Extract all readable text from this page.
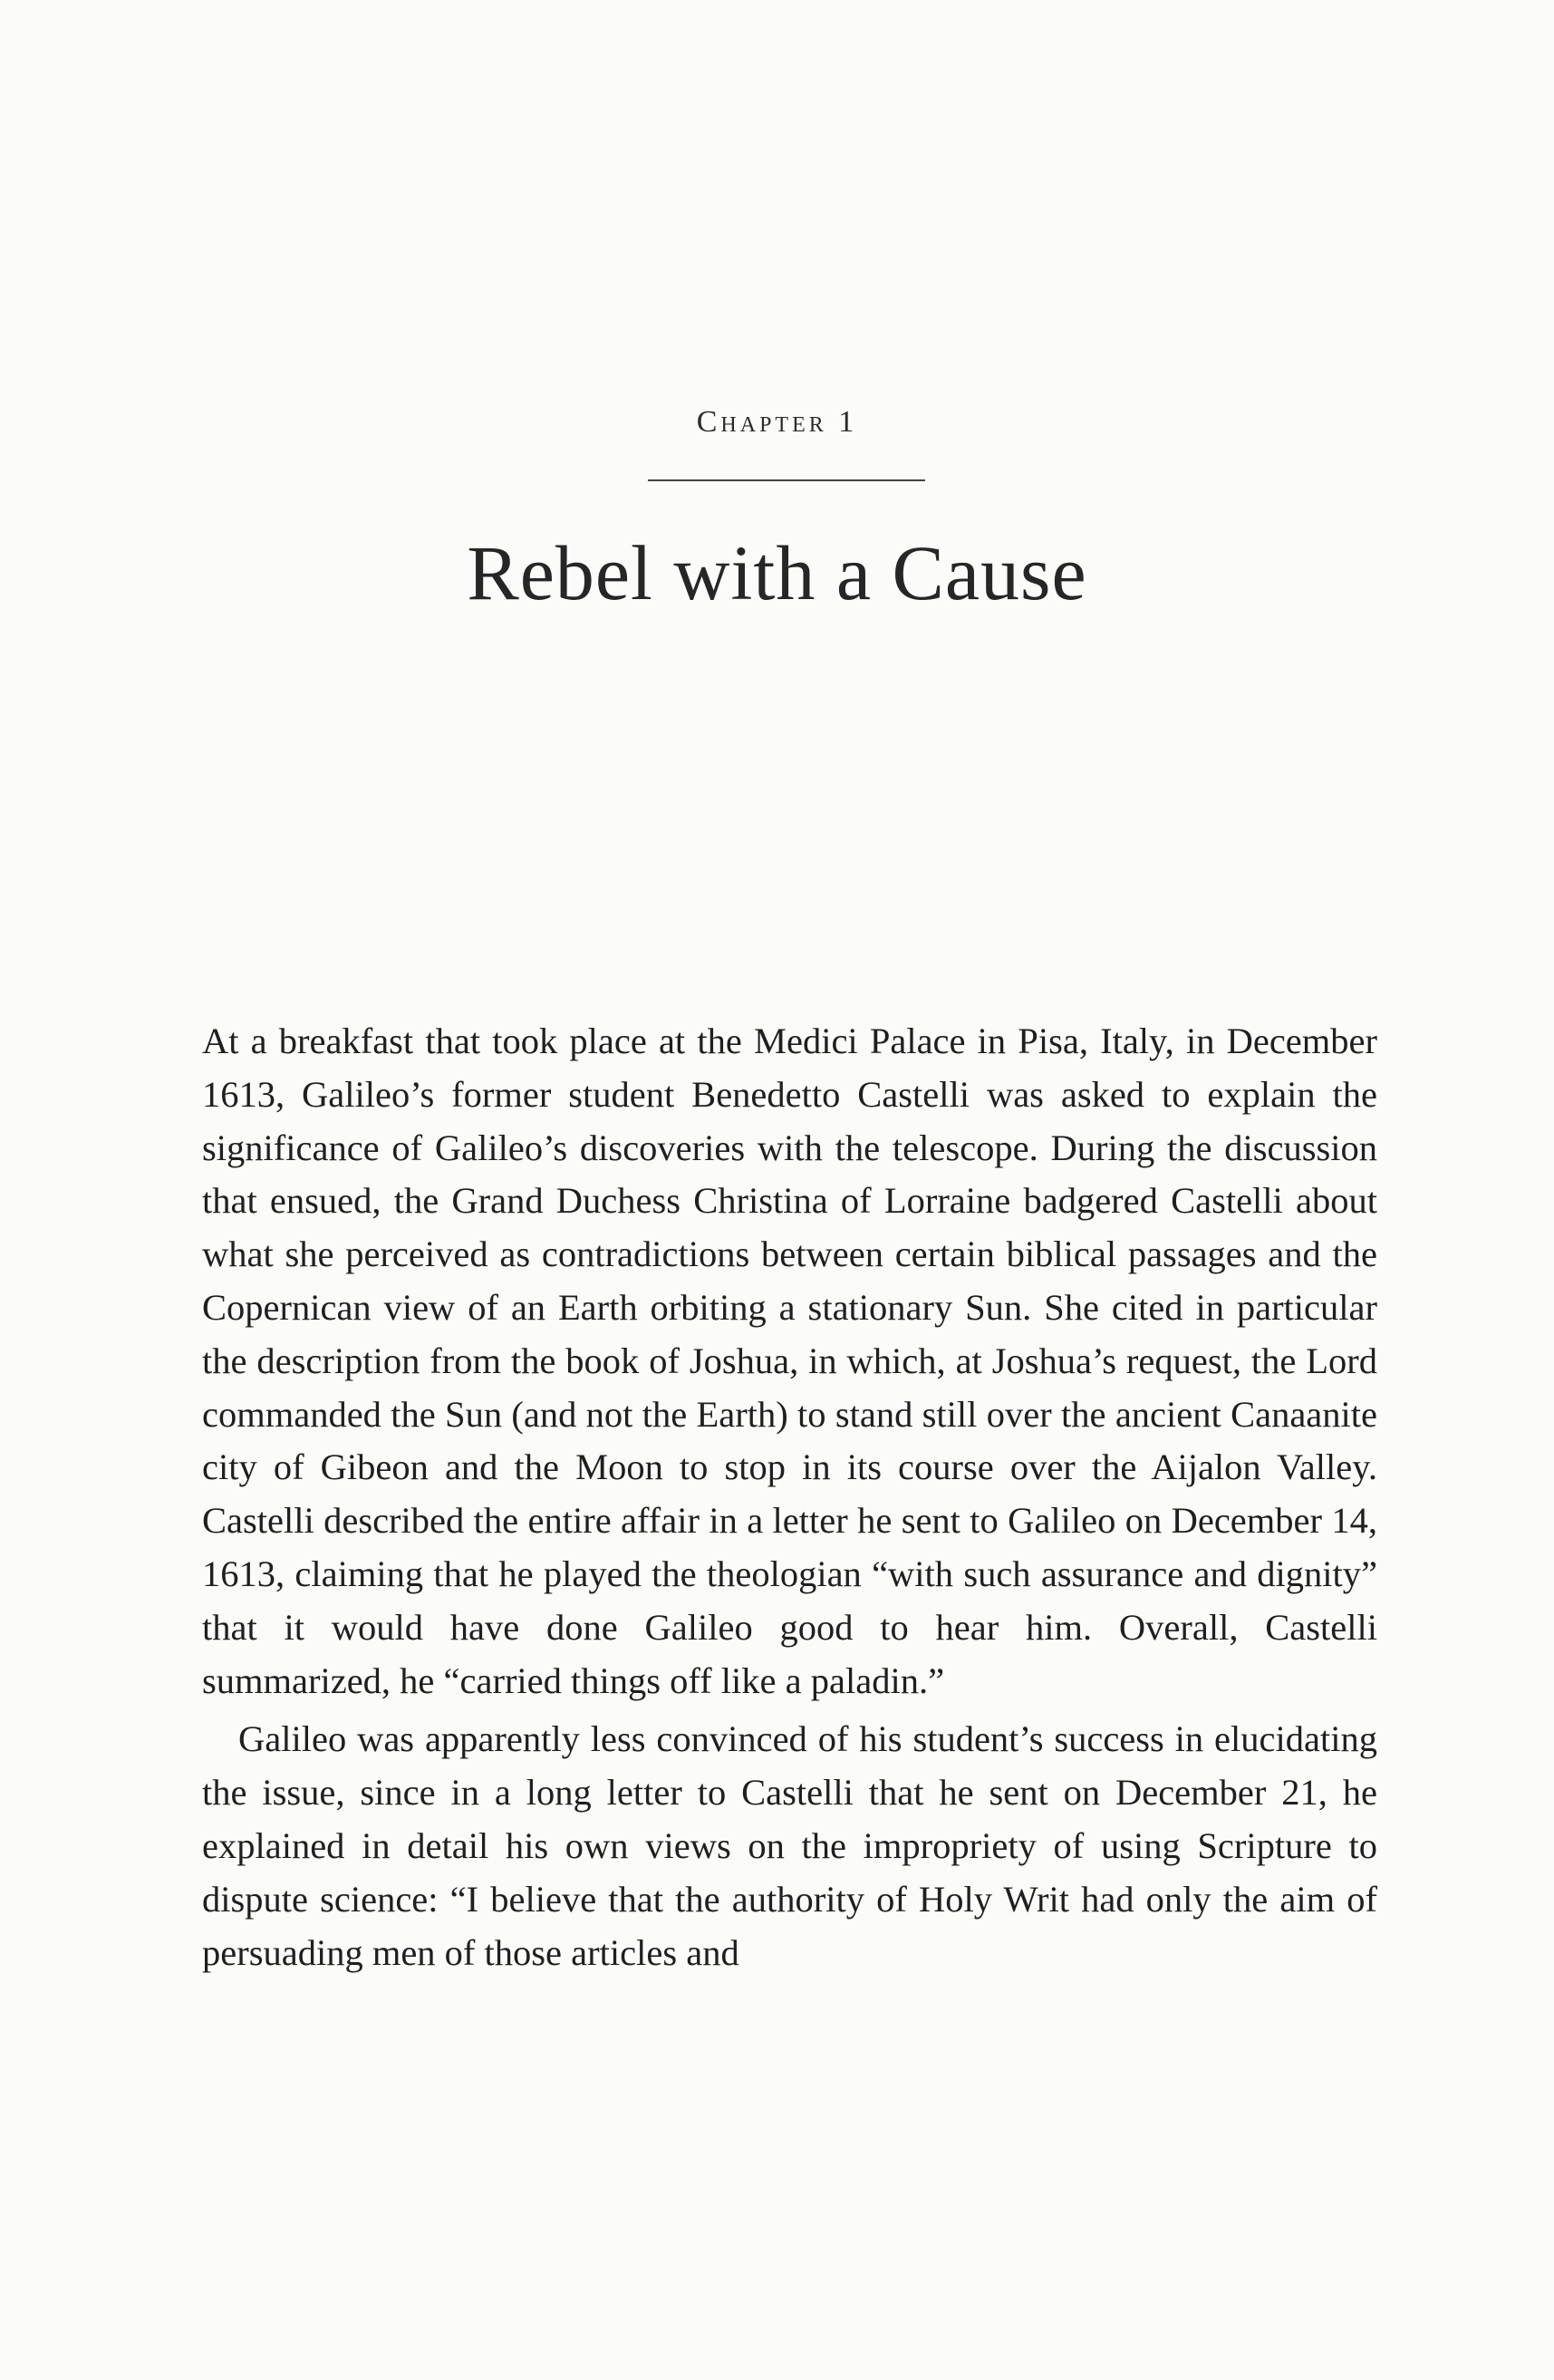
Chapter 1
Rebel with a Cause

At a breakfast that took place at the Medici Palace in Pisa, Italy, in December 1613, Galileo’s former student Benedetto Castelli was asked to explain the significance of Galileo’s discoveries with the telescope. During the discussion that ensued, the Grand Duchess Christina of Lorraine badgered Castelli about what she perceived as contradictions between certain biblical passages and the Copernican view of an Earth orbiting a stationary Sun. She cited in particular the description from the book of Joshua, in which, at Joshua’s request, the Lord commanded the Sun (and not the Earth) to stand still over the ancient Canaanite city of Gibeon and the Moon to stop in its course over the Aijalon Valley. Castelli described the entire affair in a letter he sent to Galileo on December 14, 1613, claiming that he played the theologian “with such assurance and dignity” that it would have done Galileo good to hear him. Overall, Castelli summarized, he “carried things off like a paladin.”

Galileo was apparently less convinced of his student’s success in elucidating the issue, since in a long letter to Castelli that he sent on December 21, he explained in detail his own views on the impropriety of using Scripture to dispute science: “I believe that the authority of Holy Writ had only the aim of persuading men of those articles and
